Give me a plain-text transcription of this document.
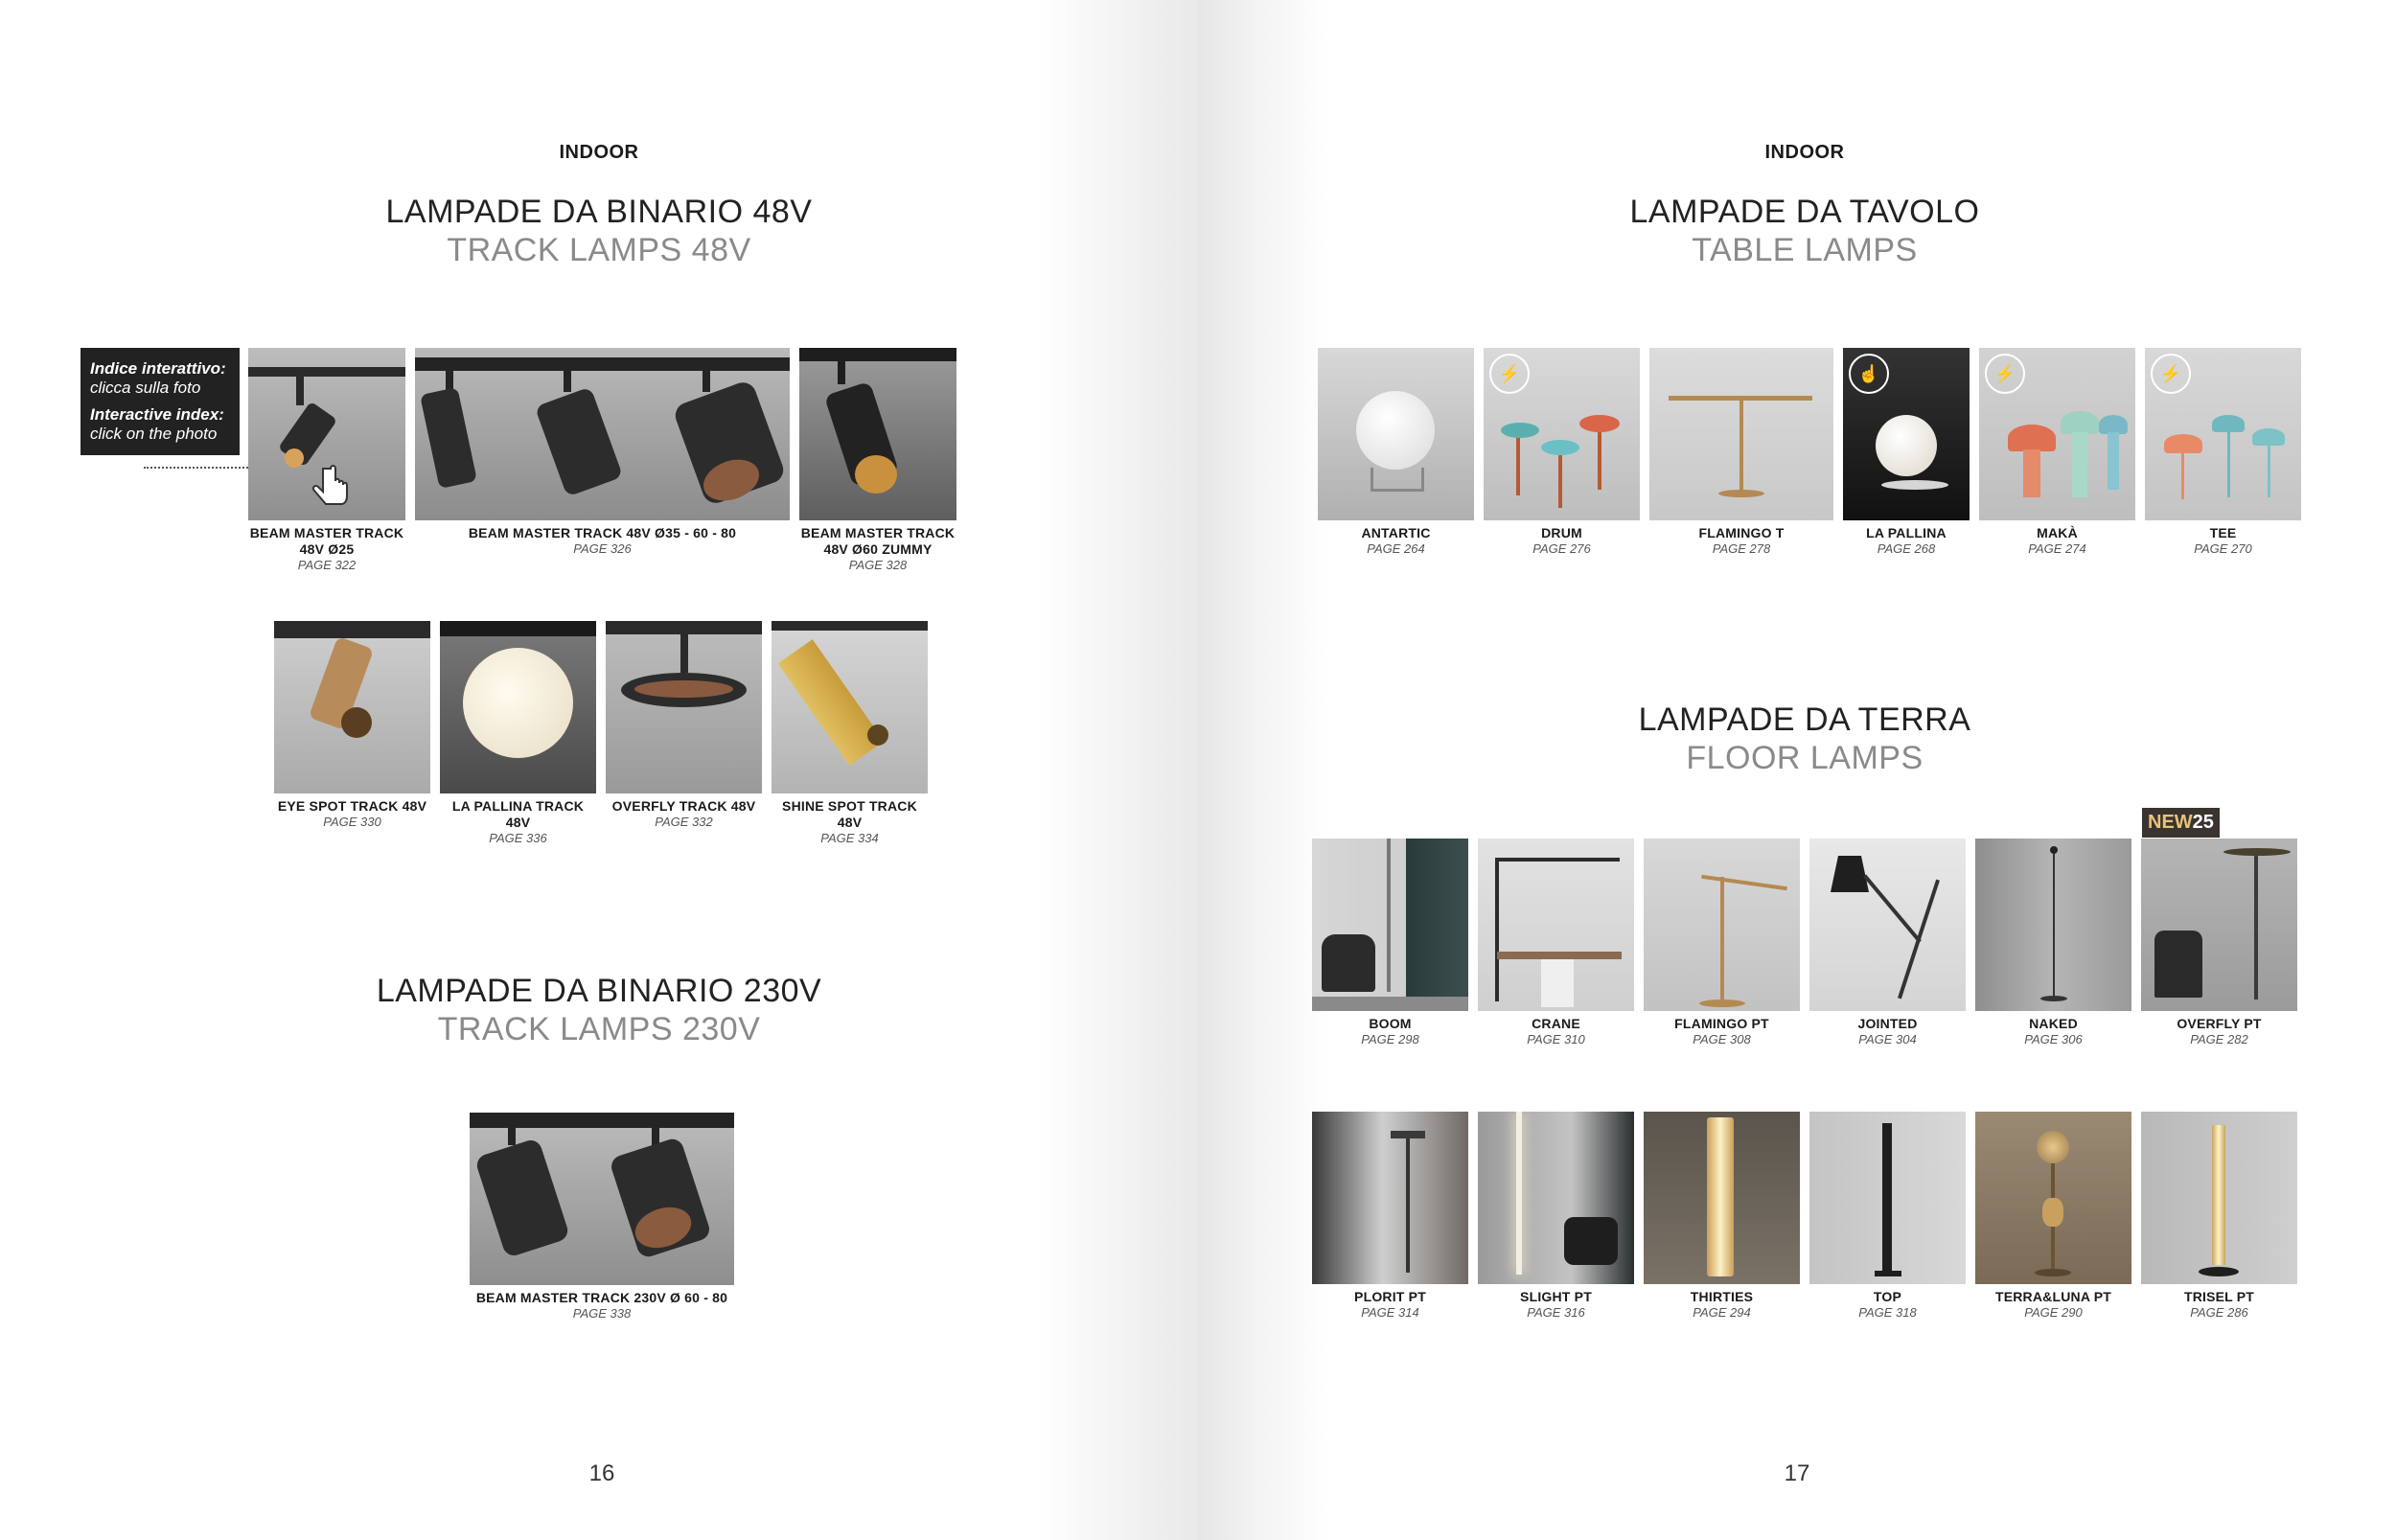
INDOOR
LAMPADE DA BINARIO 48V
TRACK LAMPS 48V
Indice interattivo:
clicca sulla foto
Interactive index:
click on the photo
BEAM MASTER TRACK 48V Ø25
PAGE 322
BEAM MASTER TRACK 48V Ø35 - 60 - 80
PAGE 326
BEAM MASTER TRACK 48V Ø60 ZUMMY
PAGE 328
EYE SPOT TRACK 48V
PAGE 330
LA PALLINA TRACK 48V
PAGE 336
OVERFLY TRACK 48V
PAGE 332
SHINE SPOT TRACK 48V
PAGE 334
LAMPADE DA BINARIO 230V
TRACK LAMPS 230V
BEAM MASTER TRACK 230V Ø 60 - 80
PAGE 338
16
INDOOR
LAMPADE DA TAVOLO
TABLE LAMPS
ANTARTIC
PAGE 264
⚡
DRUM
PAGE 276
FLAMINGO T
PAGE 278
☝
LA PALLINA
PAGE 268
⚡
MAKÀ
PAGE 274
⚡
TEE
PAGE 270
LAMPADE DA TERRA
FLOOR LAMPS
NEW25
BOOM
PAGE 298
CRANE
PAGE 310
FLAMINGO PT
PAGE 308
JOINTED
PAGE 304
NAKED
PAGE 306
OVERFLY PT
PAGE 282
PLORIT PT
PAGE 314
SLIGHT PT
PAGE 316
THIRTIES
PAGE 294
TOP
PAGE 318
TERRA&LUNA PT
PAGE 290
TRISEL PT
PAGE 286
17
